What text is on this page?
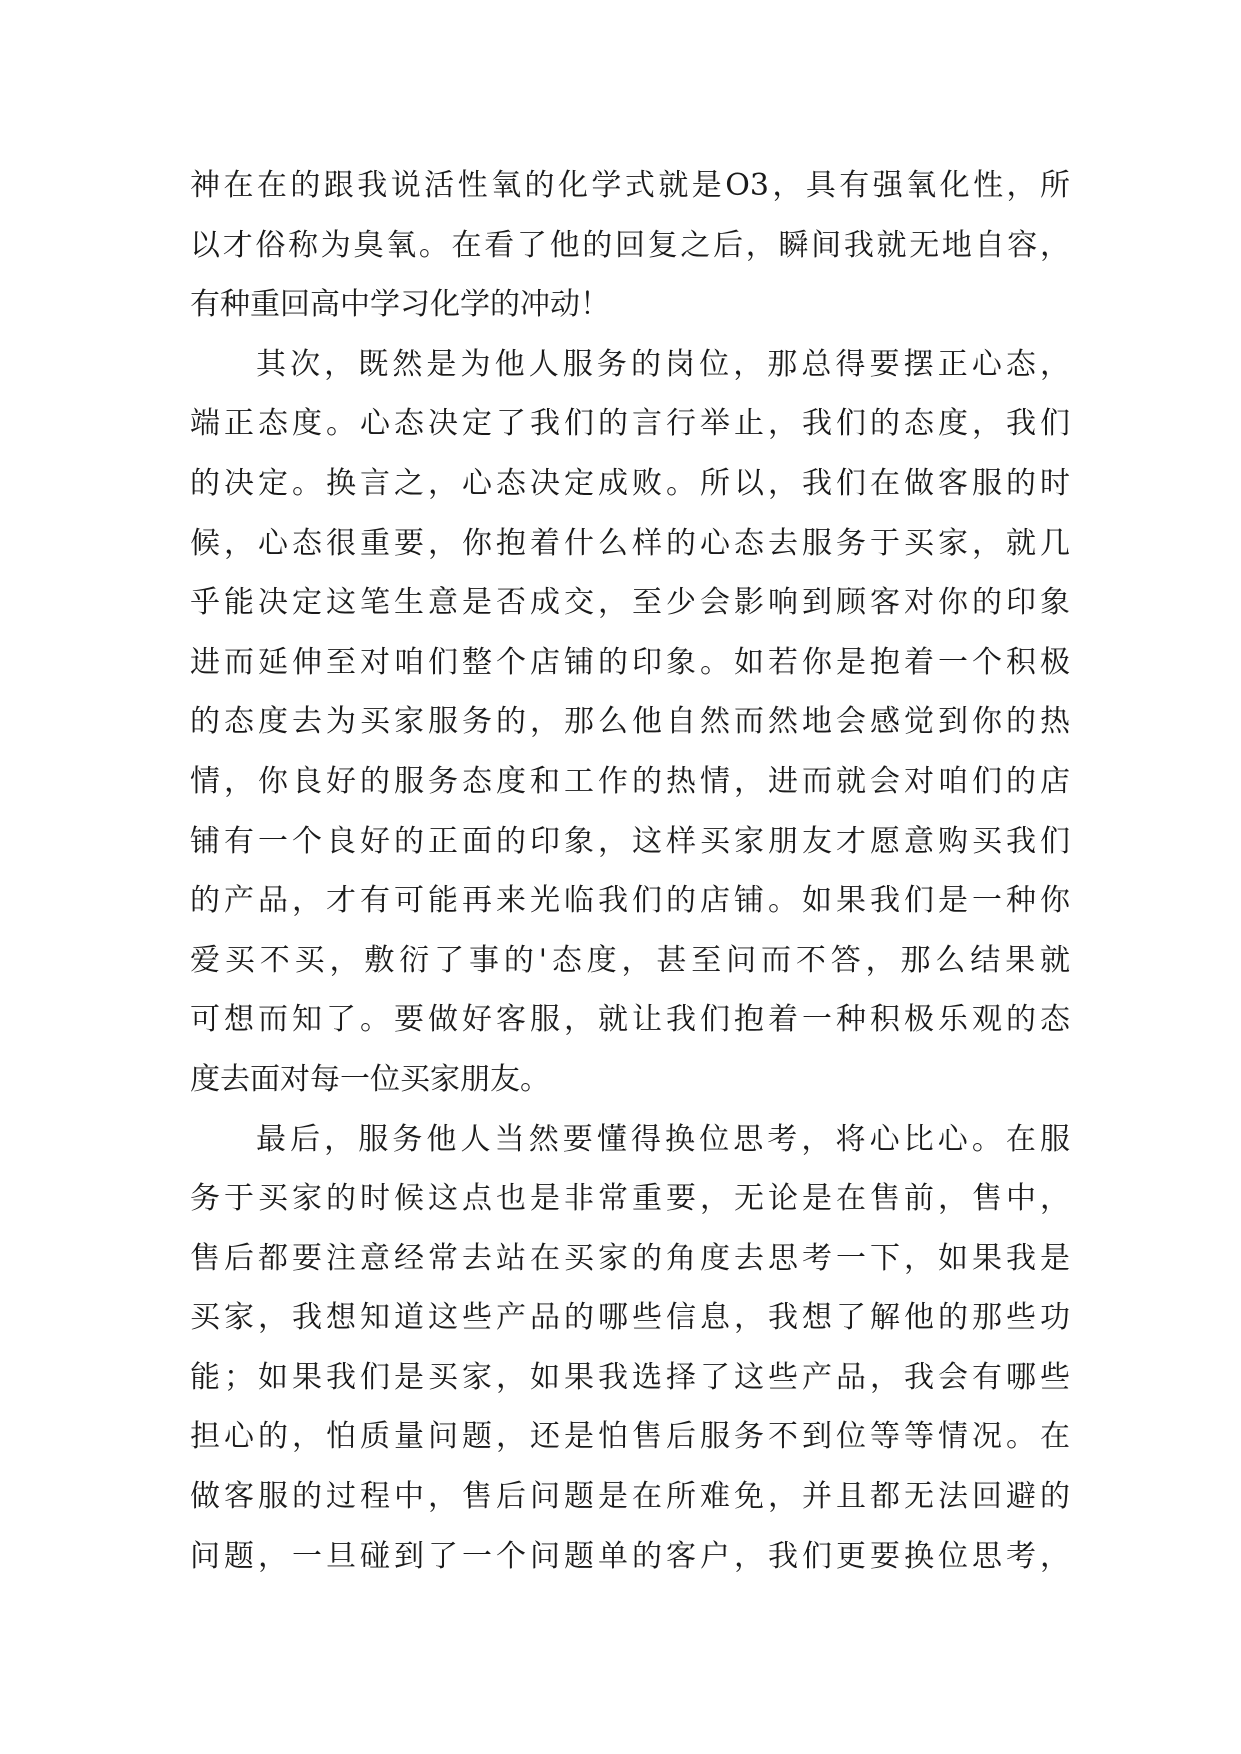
神在在的跟我说活性氧的化学式就是O3，具有强氧化性，所
以才俗称为臭氧。在看了他的回复之后，瞬间我就无地自容，
有种重回高中学习化学的冲动！
其次，既然是为他人服务的岗位，那总得要摆正心态，
端正态度。心态决定了我们的言行举止，我们的态度，我们
的决定。换言之，心态决定成败。所以，我们在做客服的时
候，心态很重要，你抱着什么样的心态去服务于买家，就几
乎能决定这笔生意是否成交，至少会影响到顾客对你的印象
进而延伸至对咱们整个店铺的印象。如若你是抱着一个积极
的态度去为买家服务的，那么他自然而然地会感觉到你的热
情，你良好的服务态度和工作的热情，进而就会对咱们的店
铺有一个良好的正面的印象，这样买家朋友才愿意购买我们
的产品，才有可能再来光临我们的店铺。如果我们是一种你
爱买不买，敷衍了事的'态度，甚至问而不答，那么结果就
可想而知了。要做好客服，就让我们抱着一种积极乐观的态
度去面对每一位买家朋友。
最后，服务他人当然要懂得换位思考，将心比心。在服
务于买家的时候这点也是非常重要，无论是在售前，售中，
售后都要注意经常去站在买家的角度去思考一下，如果我是
买家，我想知道这些产品的哪些信息，我想了解他的那些功
能；如果我们是买家，如果我选择了这些产品，我会有哪些
担心的，怕质量问题，还是怕售后服务不到位等等情况。在
做客服的过程中，售后问题是在所难免，并且都无法回避的
问题，一旦碰到了一个问题单的客户，我们更要换位思考，
